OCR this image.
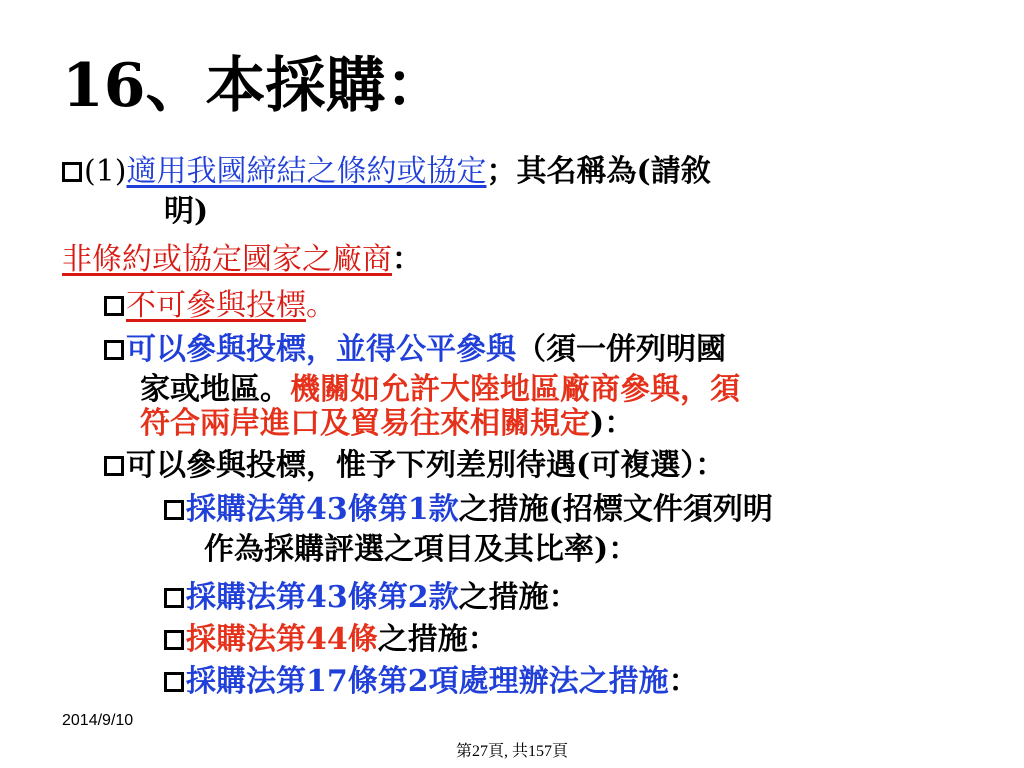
16、本採購：
(1)適用我國締結之條約或協定；其名稱為(請敘
明)
非條約或協定國家之廠商：
不可參與投標。
可以參與投標，並得公平參與（須一併列明國
家或地區。機關如允許大陸地區廠商參與，須
符合兩岸進口及貿易往來相關規定)：
可以參與投標，惟予下列差別待遇(可複選）：
採購法第43條第1款之措施(招標文件須列明
作為採購評選之項目及其比率)：
採購法第43條第2款之措施：
採購法第44條之措施：
採購法第17條第2項處理辦法之措施：
2014/9/10
第27頁, 共157頁
